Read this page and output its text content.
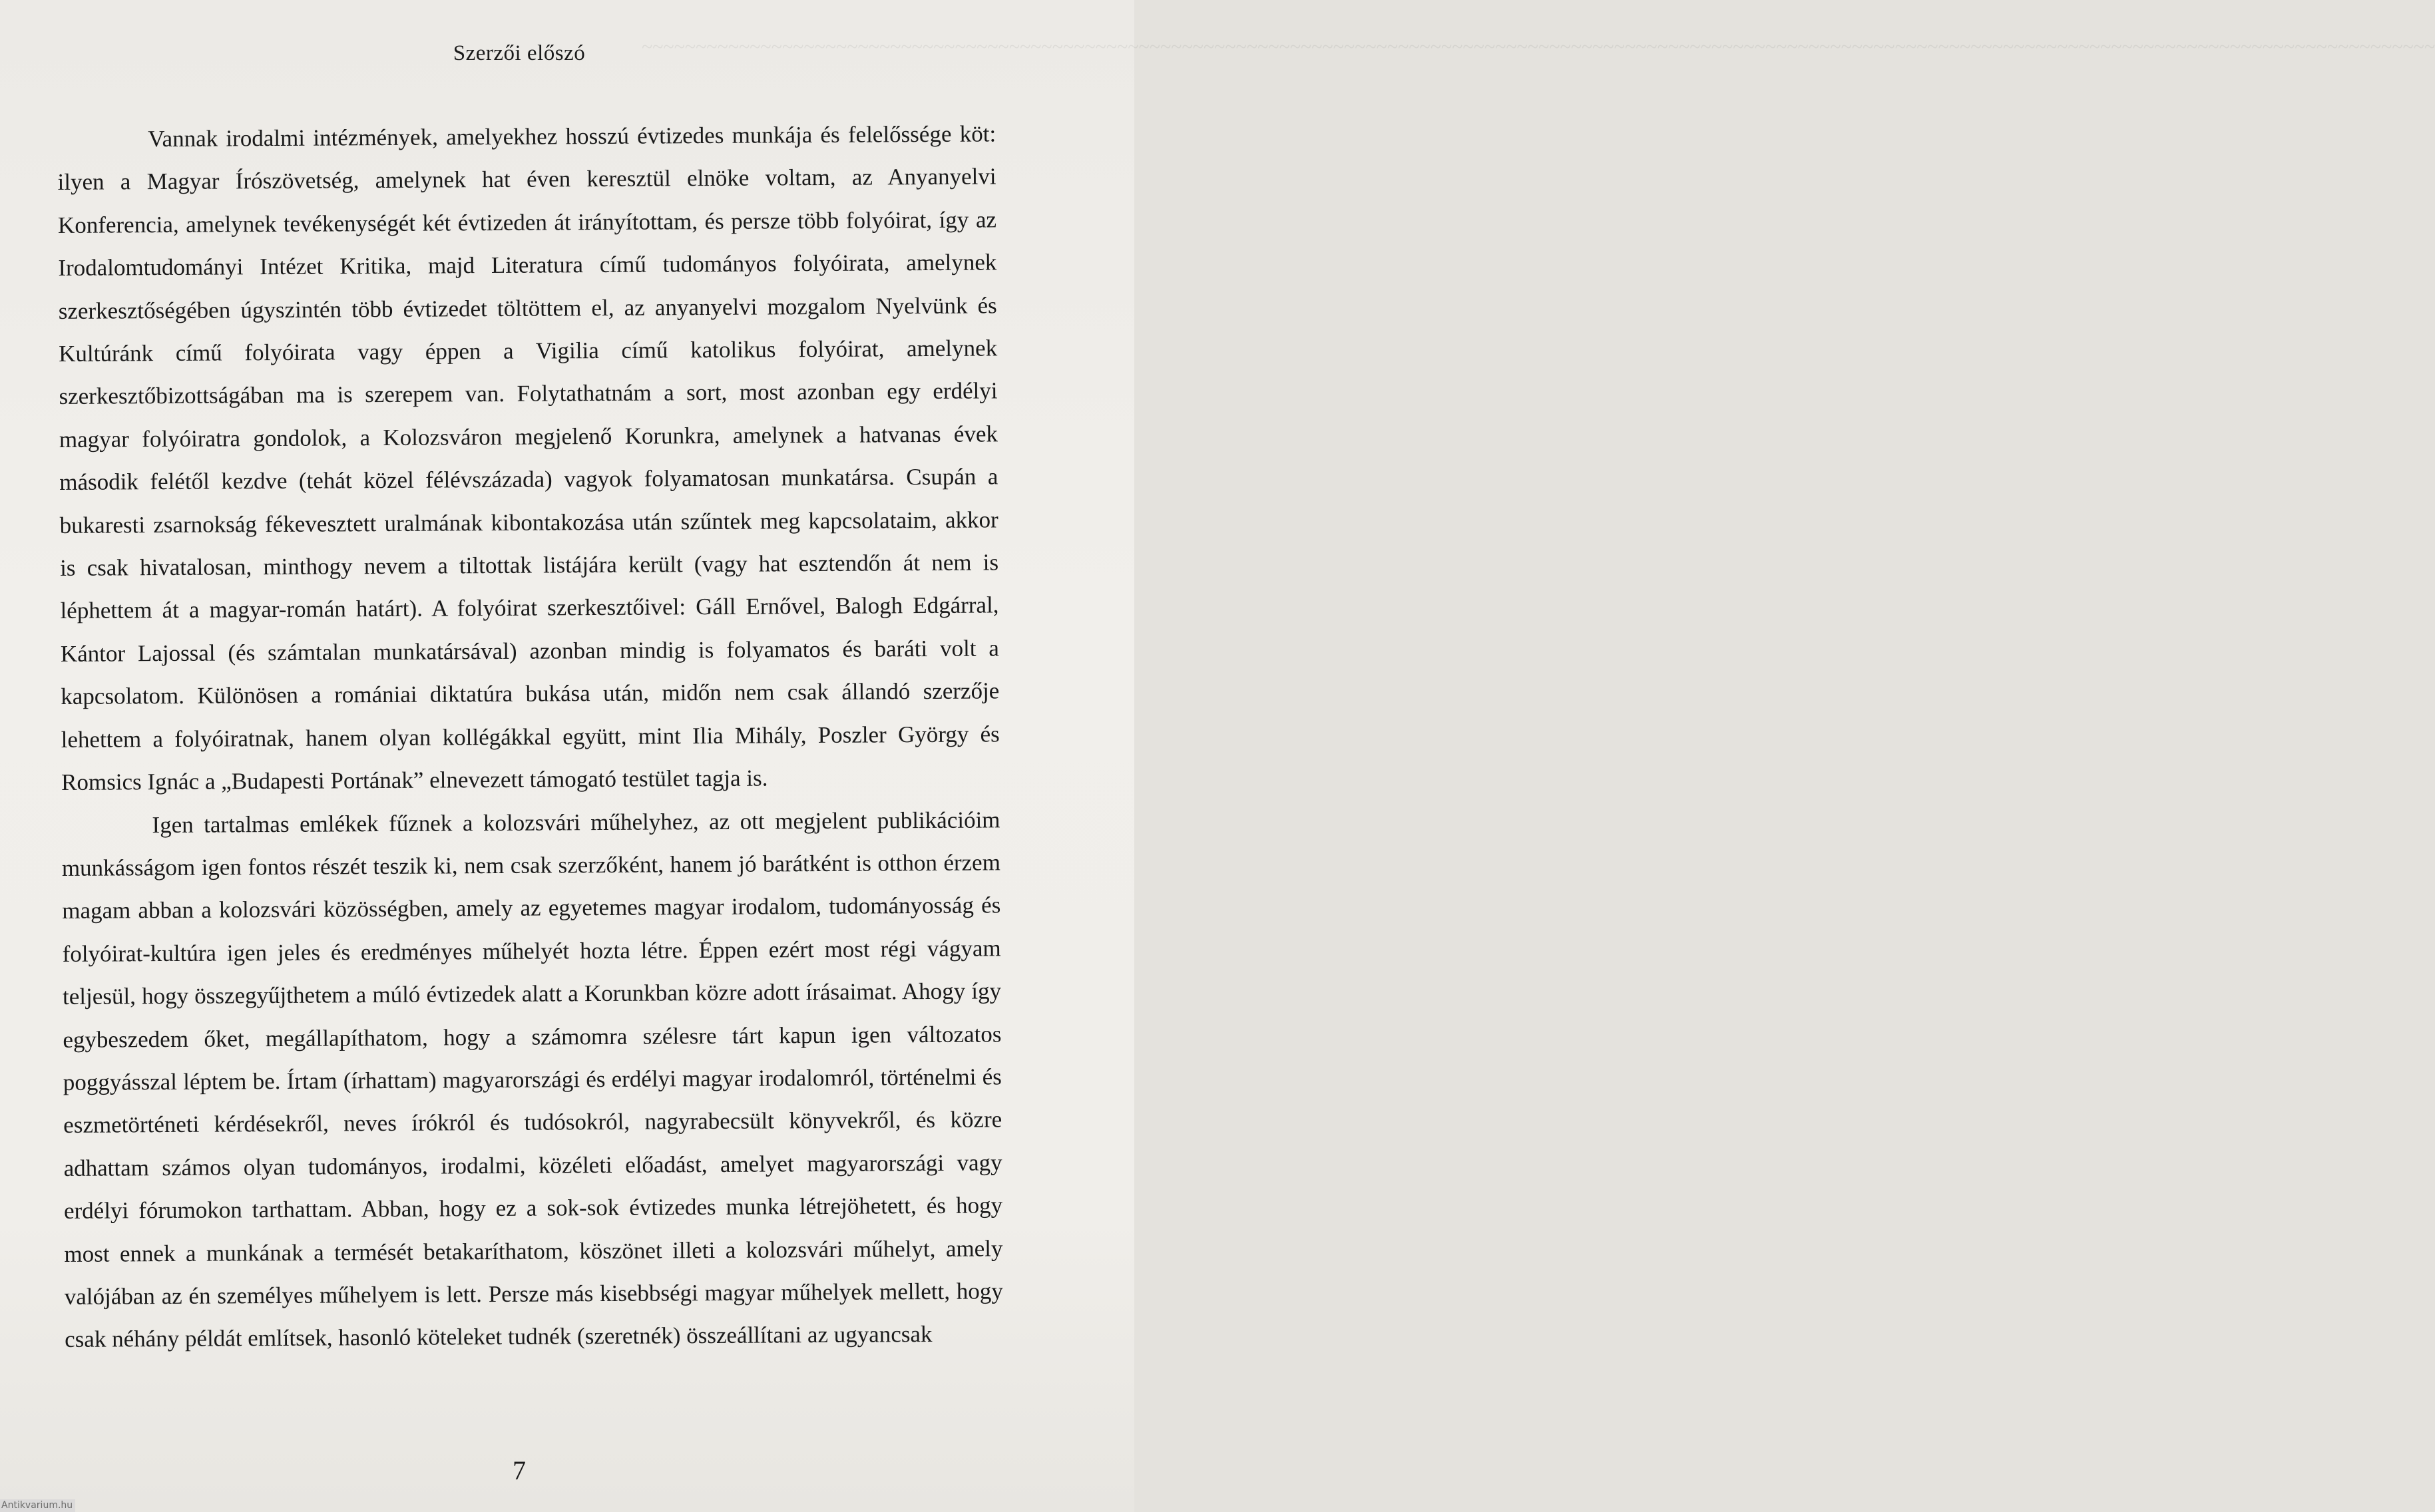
~~~~~~~~~~~~~~~~~~~~~~~~~~~~~~~~~~~~~~~~~~~~~~~~~~~~~~~~~~~~~~~~~~~~~~~~~~~~~~~~~~~~~~~~~~~~~~~~~~~~~~~~~~~~~~~~~~~~~~~~~~~~~~~~~~~~~~~~~~~~~~~~~~~~~~~~~~~~~~~~~~~~~~
Szerzői előszó

Vannak irodalmi intézmények, amelyekhez hosszú évtizedes munkája és felelőssége köt: ilyen a Magyar Írószövetség, amelynek hat éven keresztül elnöke voltam, az Anyanyelvi Konferencia, amelynek tevékenységét két évtizeden át irányítottam, és persze több folyóirat, így az Irodalomtudományi Intézet Kritika, majd Literatura című tudományos folyóirata, amelynek szerkesztőségében úgyszintén több évtizedet töltöttem el, az anyanyelvi mozgalom Nyelvünk és Kultúránk című folyóirata vagy éppen a Vigilia című katolikus folyóirat, amelynek szerkesztőbizottságában ma is szerepem van. Folytathatnám a sort, most azonban egy erdélyi magyar folyóiratra gondolok, a Kolozsváron megjelenő Korunkra, amelynek a hatvanas évek második felétől kezdve (tehát közel félévszázada) vagyok folyamatosan munkatársa. Csupán a bukaresti zsarnokság fékevesztett uralmának kibontakozása után szűntek meg kapcsolataim, akkor is csak hivatalosan, minthogy nevem a tiltottak listájára került (vagy hat esztendőn át nem is léphettem át a magyar-román határt). A folyóirat szerkesztőivel: Gáll Ernővel, Balogh Edgárral, Kántor Lajossal (és számtalan munkatársával) azonban mindig is folyamatos és baráti volt a kapcsolatom. Különösen a romániai diktatúra bukása után, midőn nem csak állandó szerzője lehettem a folyóiratnak, hanem olyan kollégákkal együtt, mint Ilia Mihály, Poszler György és Romsics Ignác a „Budapesti Portának” elnevezett támogató testület tagja is.

Igen tartalmas emlékek fűznek a kolozsvári műhelyhez, az ott megjelent publikációim munkásságom igen fontos részét teszik ki, nem csak szerzőként, hanem jó barátként is otthon érzem magam abban a kolozsvári közösségben, amely az egyetemes magyar irodalom, tudományosság és folyóirat-kultúra igen jeles és eredményes műhelyét hozta létre. Éppen ezért most régi vágyam teljesül, hogy összegyűjthetem a múló évtizedek alatt a Korunkban közre adott írásaimat. Ahogy így egybeszedem őket, megállapíthatom, hogy a számomra szélesre tárt kapun igen változatos poggyásszal léptem be. Írtam (írhattam) magyarországi és erdélyi magyar irodalomról, történelmi és eszmetörténeti kérdésekről, neves írókról és tudósokról, nagyrabecsült könyvekről, és közre adhattam számos olyan tudományos, irodalmi, közéleti előadást, amelyet magyarországi vagy erdélyi fórumokon tarthattam. Abban, hogy ez a sok-sok évtizedes munka létrejöhetett, és hogy most ennek a munkának a termését betakaríthatom, köszönet illeti a kolozsvári műhelyt, amely valójában az én személyes műhelyem is lett. Persze más kisebbségi magyar műhelyek mellett, hogy csak néhány példát említsek, hasonló köteleket tudnék (szeretnék) összeállítani az ugyancsak

7
Antikvarium.hu
